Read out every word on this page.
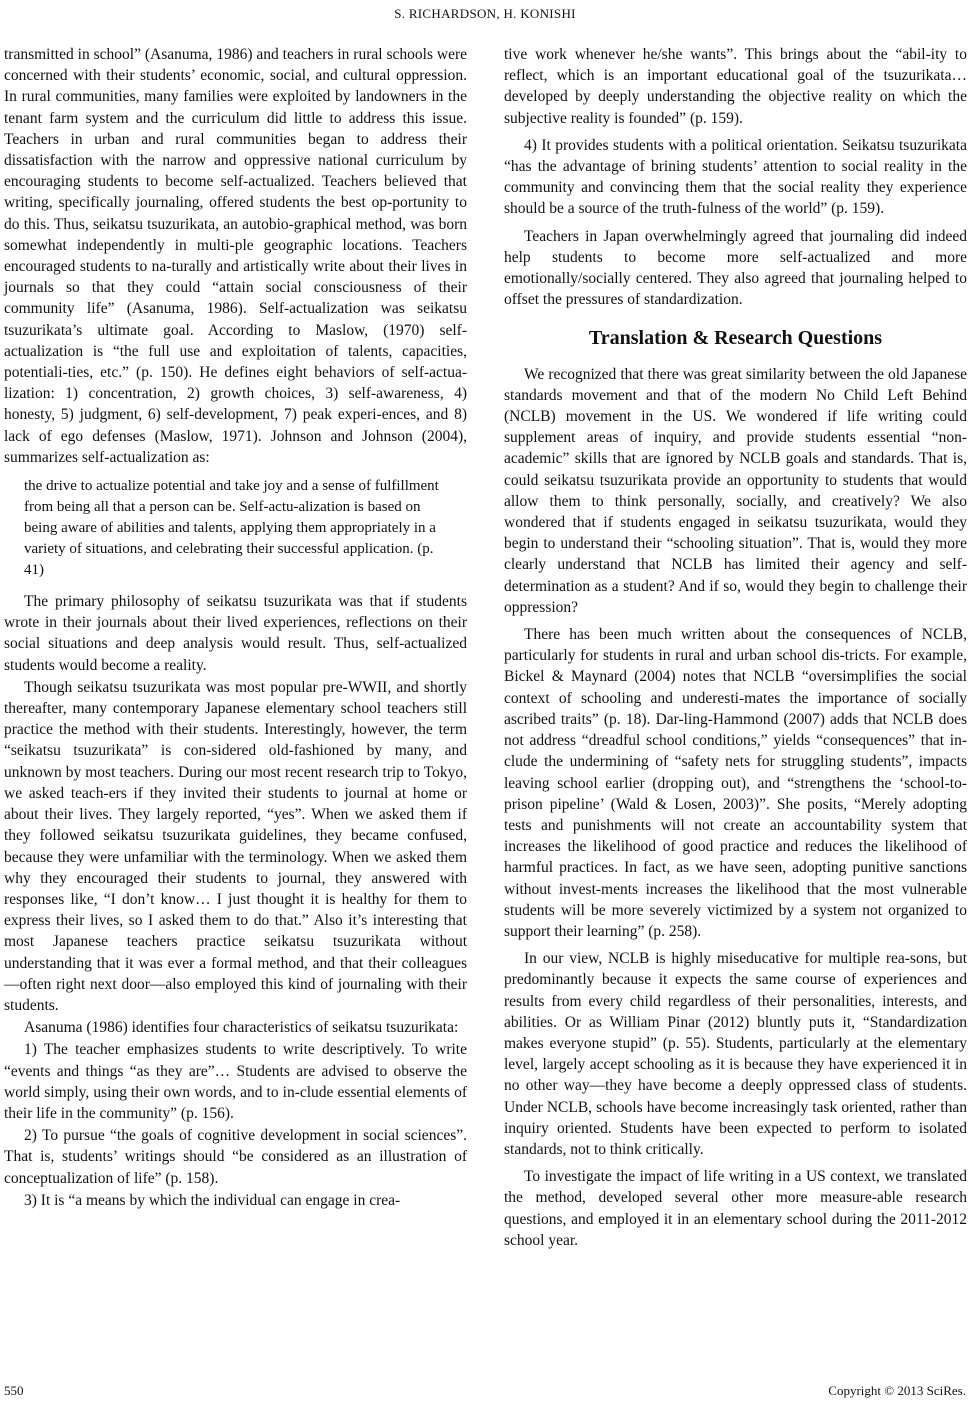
S. RICHARDSON, H. KONISHI

transmitted in school” (Asanuma, 1986) and teachers in rural schools were concerned with their students’ economic, social, and cultural oppression. In rural communities, many families were exploited by landowners in the tenant farm system and the curriculum did little to address this issue. Teachers in urban and rural communities began to address their dissatisfaction with the narrow and oppressive national curriculum by encouraging students to become self-actualized. Teachers believed that writing, specifically journaling, offered students the best op-portunity to do this. Thus, seikatsu tsuzurikata, an autobio-graphical method, was born somewhat independently in multi-ple geographic locations. Teachers encouraged students to na-turally and artistically write about their lives in journals so that they could “attain social consciousness of their community life” (Asanuma, 1986). Self-actualization was seikatsu tsuzurikata’s ultimate goal. According to Maslow, (1970) self-actualization is “the full use and exploitation of talents, capacities, potentiali-ties, etc.” (p. 150). He defines eight behaviors of self-actua-lization: 1) concentration, 2) growth choices, 3) self-awareness, 4) honesty, 5) judgment, 6) self-development, 7) peak experi-ences, and 8) lack of ego defenses (Maslow, 1971). Johnson and Johnson (2004), summarizes self-actualization as:

the drive to actualize potential and take joy and a sense of fulfillment from being all that a person can be. Self-actu-alization is based on being aware of abilities and talents, applying them appropriately in a variety of situations, and celebrating their successful application. (p. 41)

The primary philosophy of seikatsu tsuzurikata was that if students wrote in their journals about their lived experiences, reflections on their social situations and deep analysis would result. Thus, self-actualized students would become a reality.

Though seikatsu tsuzurikata was most popular pre-WWII, and shortly thereafter, many contemporary Japanese elementary school teachers still practice the method with their students. Interestingly, however, the term “seikatsu tsuzurikata” is con-sidered old-fashioned by many, and unknown by most teachers. During our most recent research trip to Tokyo, we asked teach-ers if they invited their students to journal at home or about their lives. They largely reported, “yes”. When we asked them if they followed seikatsu tsuzurikata guidelines, they became confused, because they were unfamiliar with the terminology. When we asked them why they encouraged their students to journal, they answered with responses like, “I don’t know… I just thought it is healthy for them to express their lives, so I asked them to do that.” Also it’s interesting that most Japanese teachers practice seikatsu tsuzurikata without understanding that it was ever a formal method, and that their colleagues —often right next door—also employed this kind of journaling with their students.

Asanuma (1986) identifies four characteristics of seikatsu tsuzurikata:

1) The teacher emphasizes students to write descriptively. To write “events and things “as they are”… Students are advised to observe the world simply, using their own words, and to in-clude essential elements of their life in the community” (p. 156).

2) To pursue “the goals of cognitive development in social sciences”. That is, students’ writings should “be considered as an illustration of conceptualization of life” (p. 158).

3) It is “a means by which the individual can engage in crea-

tive work whenever he/she wants”. This brings about the “abil-ity to reflect, which is an important educational goal of the tsuzurikata… developed by deeply understanding the objective reality on which the subjective reality is founded” (p. 159).

4) It provides students with a political orientation. Seikatsu tsuzurikata “has the advantage of brining students’ attention to social reality in the community and convincing them that the social reality they experience should be a source of the truth-fulness of the world” (p. 159).

Teachers in Japan overwhelmingly agreed that journaling did indeed help students to become more self-actualized and more emotionally/socially centered. They also agreed that journaling helped to offset the pressures of standardization.

Translation & Research Questions

We recognized that there was great similarity between the old Japanese standards movement and that of the modern No Child Left Behind (NCLB) movement in the US. We wondered if life writing could supplement areas of inquiry, and provide students essential “non-academic” skills that are ignored by NCLB goals and standards. That is, could seikatsu tsuzurikata provide an opportunity to students that would allow them to think personally, socially, and creatively? We also wondered that if students engaged in seikatsu tsuzurikata, would they begin to understand their “schooling situation”. That is, would they more clearly understand that NCLB has limited their agency and self-determination as a student? And if so, would they begin to challenge their oppression?

There has been much written about the consequences of NCLB, particularly for students in rural and urban school dis-tricts. For example, Bickel & Maynard (2004) notes that NCLB “oversimplifies the social context of schooling and underesti-mates the importance of socially ascribed traits” (p. 18). Dar-ling-Hammond (2007) adds that NCLB does not address “dreadful school conditions,” yields “consequences” that in-clude the undermining of “safety nets for struggling students”, impacts leaving school earlier (dropping out), and “strengthens the ‘school-to-prison pipeline’ (Wald & Losen, 2003)”. She posits, “Merely adopting tests and punishments will not create an accountability system that increases the likelihood of good practice and reduces the likelihood of harmful practices. In fact, as we have seen, adopting punitive sanctions without invest-ments increases the likelihood that the most vulnerable students will be more severely victimized by a system not organized to support their learning” (p. 258).

In our view, NCLB is highly miseducative for multiple rea-sons, but predominantly because it expects the same course of experiences and results from every child regardless of their personalities, interests, and abilities. Or as William Pinar (2012) bluntly puts it, “Standardization makes everyone stupid” (p. 55). Students, particularly at the elementary level, largely accept schooling as it is because they have experienced it in no other way—they have become a deeply oppressed class of students. Under NCLB, schools have become increasingly task oriented, rather than inquiry oriented. Students have been expected to perform to isolated standards, not to think critically.

To investigate the impact of life writing in a US context, we translated the method, developed several other more measure-able research questions, and employed it in an elementary school during the 2011-2012 school year.

550	Copyright © 2013 SciRes.
